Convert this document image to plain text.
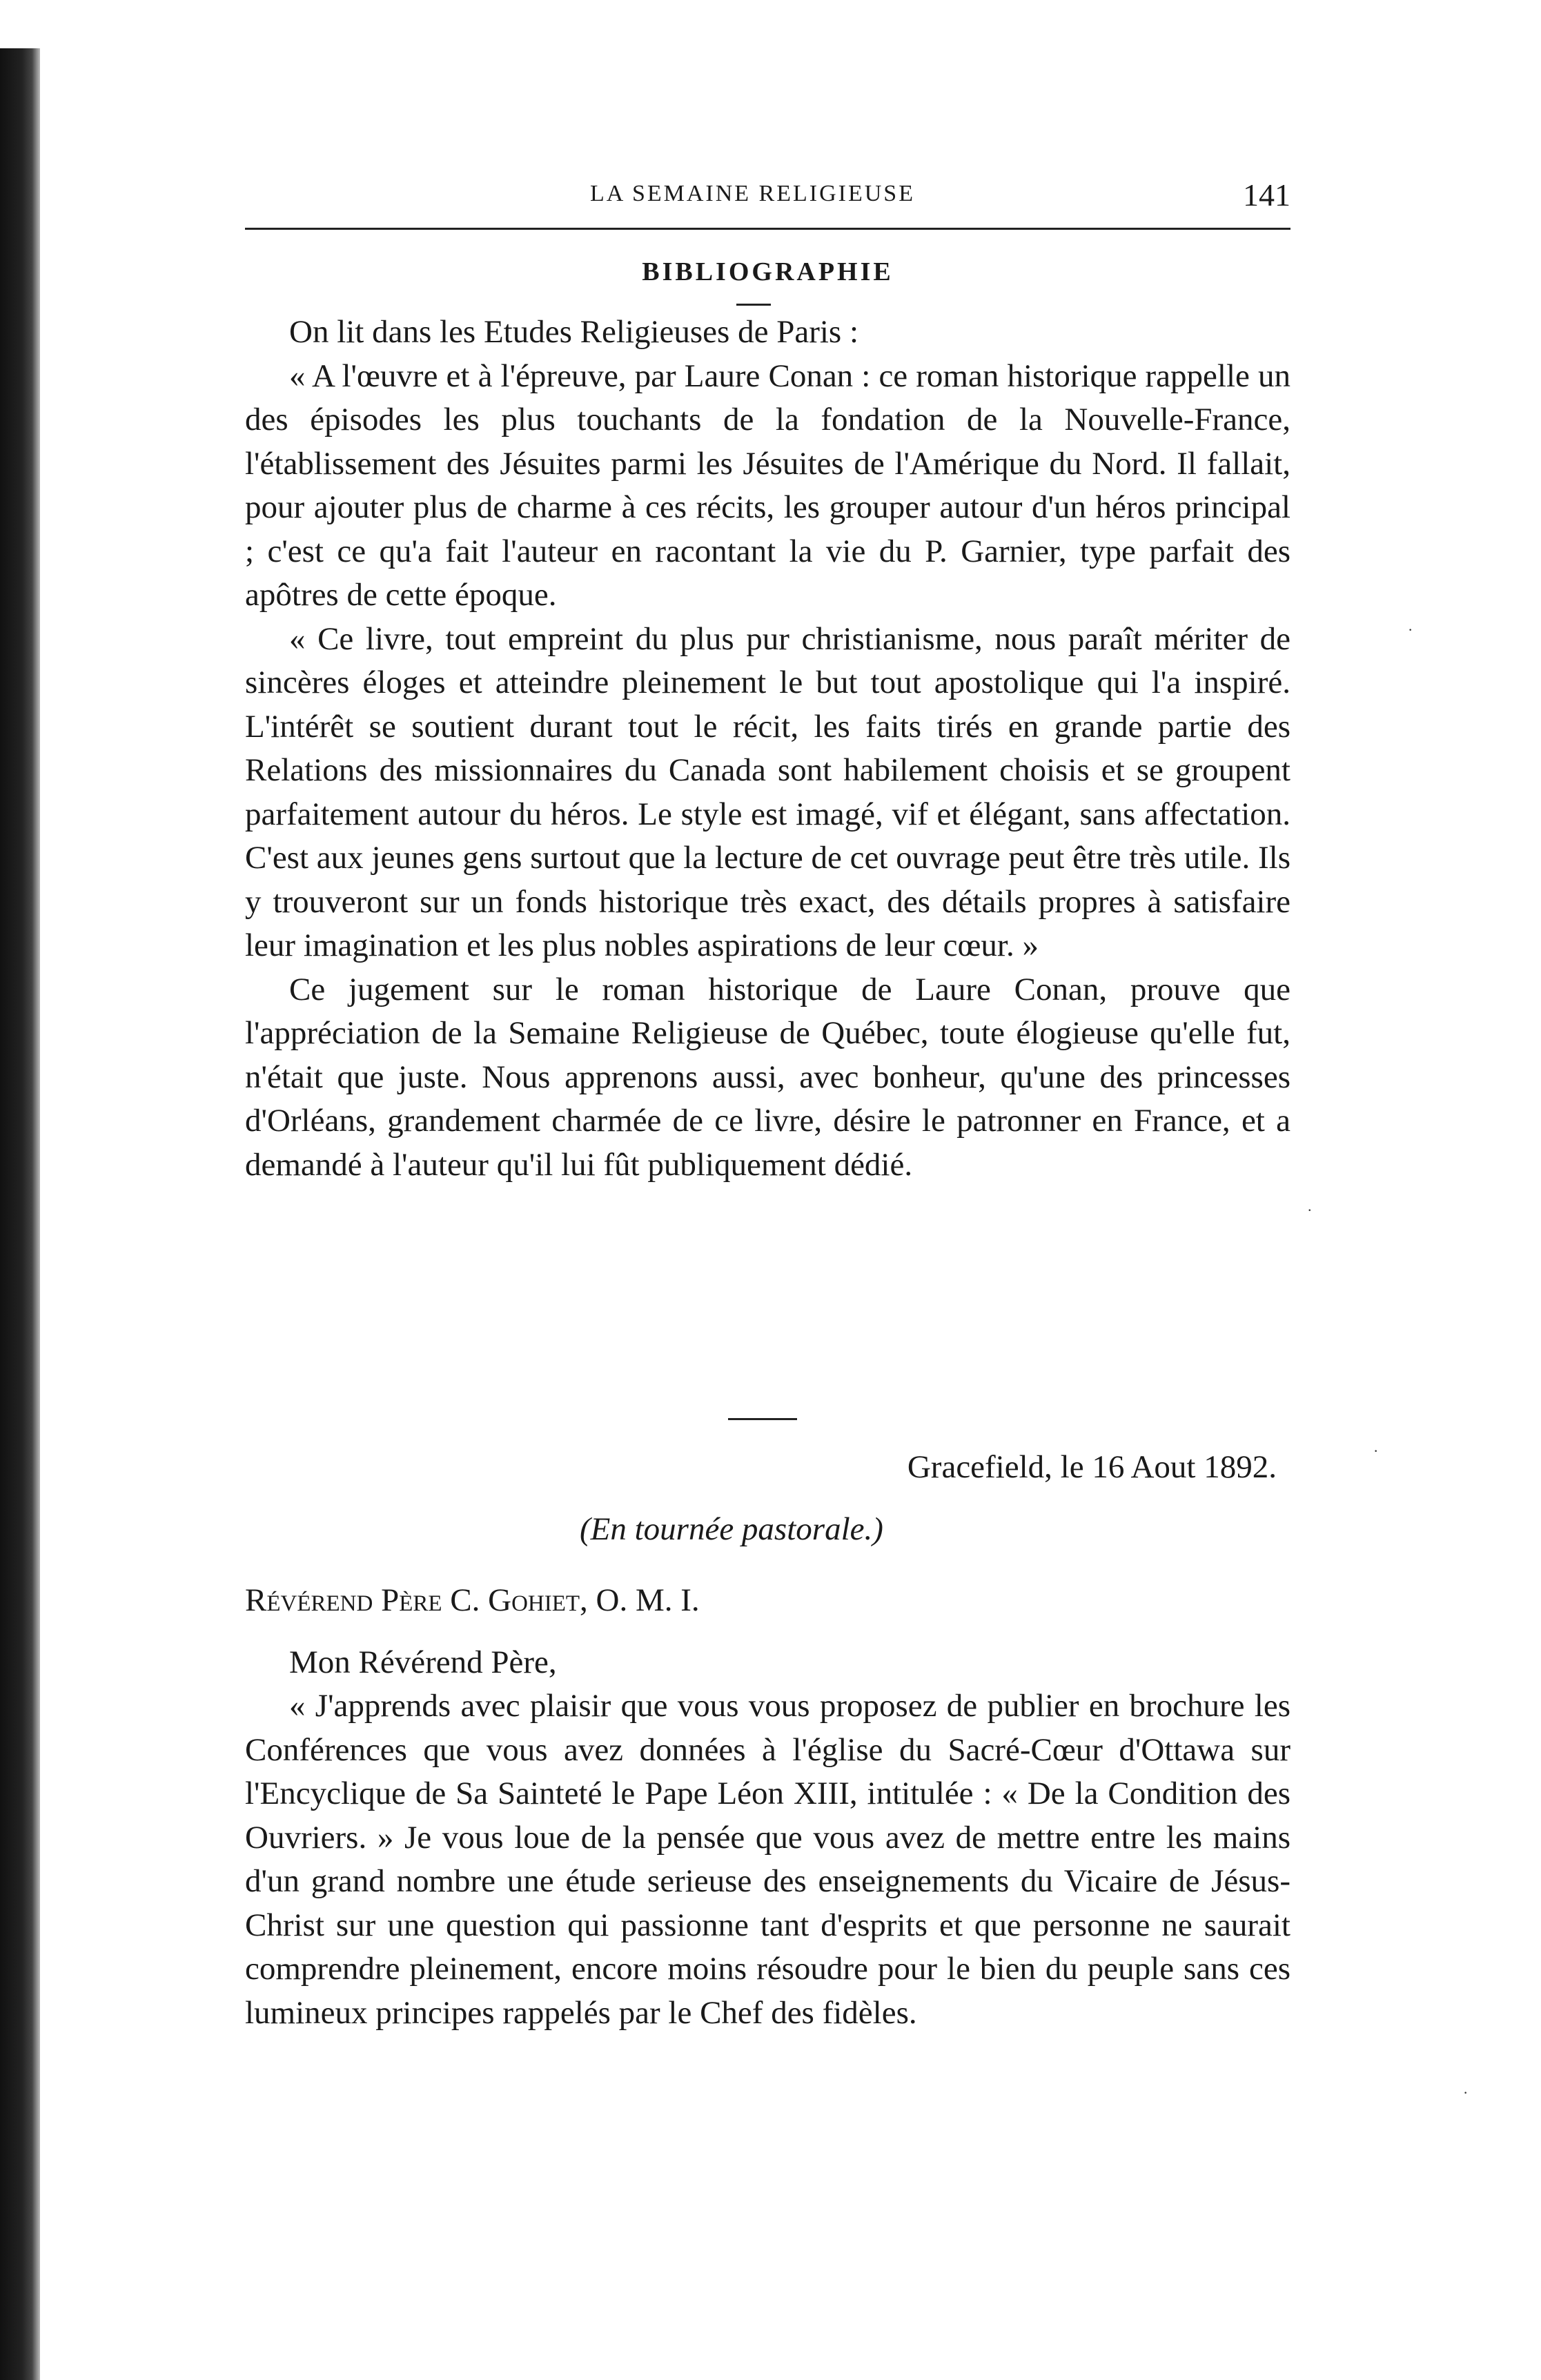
LA SEMAINE RELIGIEUSE	141
BIBLIOGRAPHIE

On lit dans les Etudes Religieuses de Paris :

« A l'œuvre et à l'épreuve, par Laure Conan : ce roman historique rappelle un des épisodes les plus touchants de la fondation de la Nouvelle-France, l'établissement des Jésuites parmi les Jésuites de l'Amérique du Nord. Il fallait, pour ajouter plus de charme à ces récits, les grouper autour d'un héros principal ; c'est ce qu'a fait l'auteur en racontant la vie du P. Garnier, type parfait des apôtres de cette époque.

« Ce livre, tout empreint du plus pur christianisme, nous paraît mériter de sincères éloges et atteindre pleinement le but tout apostolique qui l'a inspiré. L'intérêt se soutient durant tout le récit, les faits tirés en grande partie des Relations des missionnaires du Canada sont habilement choisis et se groupent parfaitement autour du héros. Le style est imagé, vif et élégant, sans affectation. C'est aux jeunes gens surtout que la lecture de cet ouvrage peut être très utile. Ils y trouveront sur un fonds historique très exact, des détails propres à satisfaire leur imagination et les plus nobles aspirations de leur cœur. »

Ce jugement sur le roman historique de Laure Conan, prouve que l'appréciation de la Semaine Religieuse de Québec, toute élogieuse qu'elle fut, n'était que juste. Nous apprenons aussi, avec bonheur, qu'une des princesses d'Orléans, grandement charmée de ce livre, désire le patronner en France, et a demandé à l'auteur qu'il lui fût publiquement dédié.

Gracefield, le 16 Aout 1892.

(En tournée pastorale.)

Révérend Père C. Gohiet, O. M. I.

Mon Révérend Père,

« J'apprends avec plaisir que vous vous proposez de publier en brochure les Conférences que vous avez données à l'église du Sacré-Cœur d'Ottawa sur l'Encyclique de Sa Sainteté le Pape Léon XIII, intitulée : « De la Condition des Ouvriers. » Je vous loue de la pensée que vous avez de mettre entre les mains d'un grand nombre une étude serieuse des enseignements du Vicaire de Jésus-Christ sur une question qui passionne tant d'esprits et que personne ne saurait comprendre pleinement, encore moins résoudre pour le bien du peuple sans ces lumineux principes rappelés par le Chef des fidèles.

·
·
·
.
